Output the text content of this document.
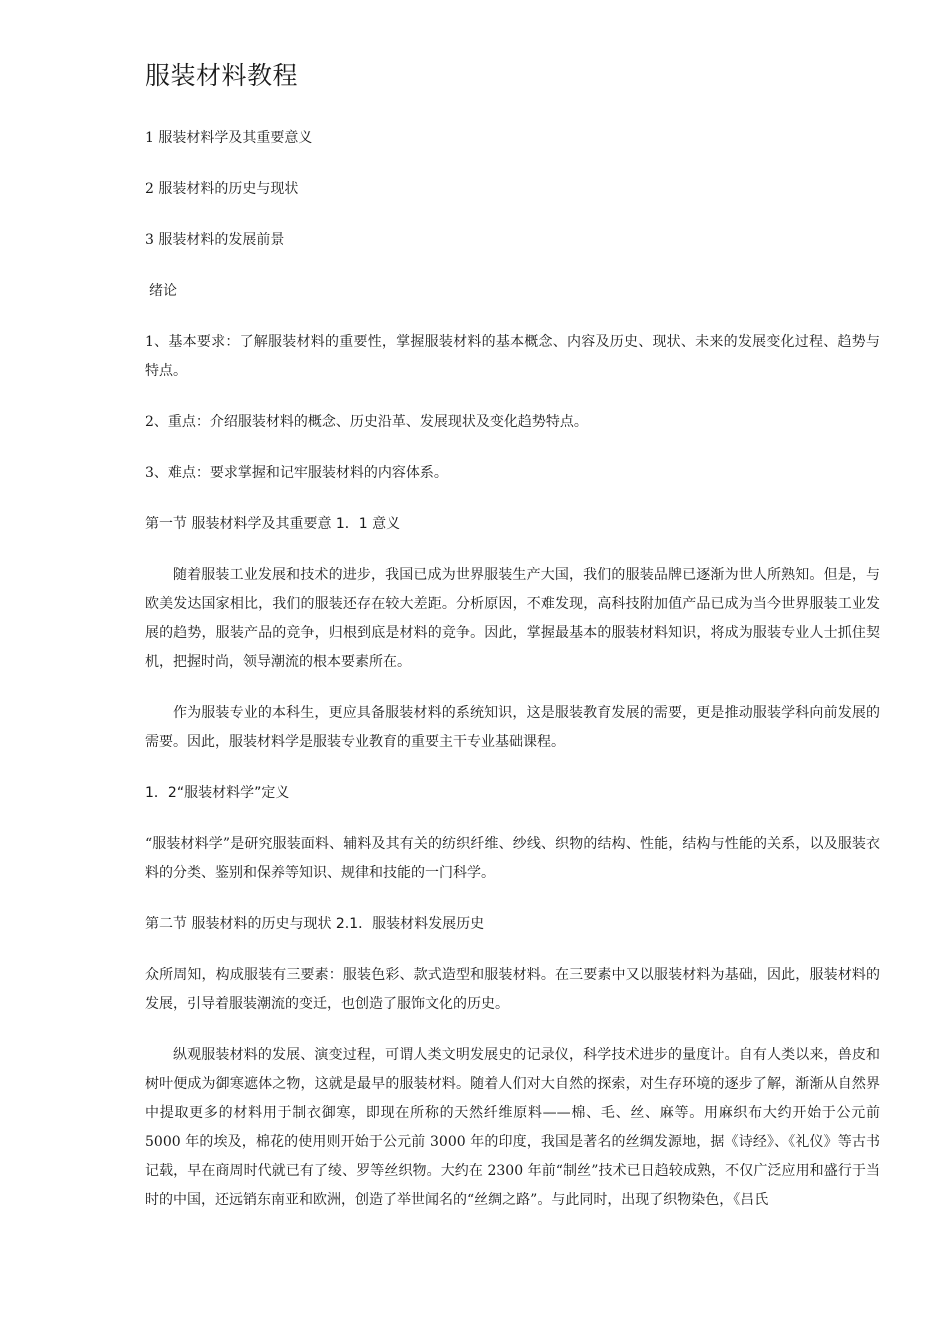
服装材料教程

1 服装材料学及其重要意义

2 服装材料的历史与现状

3 服装材料的发展前景

绪论

1、基本要求：了解服装材料的重要性，掌握服装材料的基本概念、内容及历史、现状、未来的发展变化过程、趋势与特点。

2、重点：介绍服装材料的概念、历史沿革、发展现状及变化趋势特点。

3、难点：要求掌握和记牢服装材料的内容体系。

第一节 服装材料学及其重要意 1．1 意义

随着服装工业发展和技术的进步，我国已成为世界服装生产大国，我们的服装品牌已逐渐为世人所熟知。但是，与欧美发达国家相比，我们的服装还存在较大差距。分析原因，不难发现，高科技附加值产品已成为当今世界服装工业发展的趋势，服装产品的竞争，归根到底是材料的竞争。因此，掌握最基本的服装材料知识，将成为服装专业人士抓住契机，把握时尚，领导潮流的根本要素所在。

作为服装专业的本科生，更应具备服装材料的系统知识，这是服装教育发展的需要，更是推动服装学科向前发展的需要。因此，服装材料学是服装专业教育的重要主干专业基础课程。

1．2“服装材料学”定义

“服装材料学”是研究服装面料、辅料及其有关的纺织纤维、纱线、织物的结构、性能，结构与性能的关系，以及服装衣料的分类、鉴别和保养等知识、规律和技能的一门科学。

第二节 服装材料的历史与现状 2.1．服装材料发展历史

众所周知，构成服装有三要素：服装色彩、款式造型和服装材料。在三要素中又以服装材料为基础，因此，服装材料的发展，引导着服装潮流的变迁，也创造了服饰文化的历史。

纵观服装材料的发展、演变过程，可谓人类文明发展史的记录仪，科学技术进步的量度计。自有人类以来，兽皮和树叶便成为御寒遮体之物，这就是最早的服装材料。随着人们对大自然的探索，对生存环境的逐步了解，渐渐从自然界中提取更多的材料用于制衣御寒，即现在所称的天然纤维原料——棉、毛、丝、麻等。用麻织布大约开始于公元前 5000 年的埃及，棉花的使用则开始于公元前 3000 年的印度，我国是著名的丝绸发源地，据《诗经》、《礼仪》等古书记载，早在商周时代就已有了绫、罗等丝织物。大约在 2300 年前“制丝”技术已日趋较成熟，不仅广泛应用和盛行于当时的中国，还远销东南亚和欧洲，创造了举世闻名的“丝绸之路”。与此同时，出现了织物染色，《吕氏
